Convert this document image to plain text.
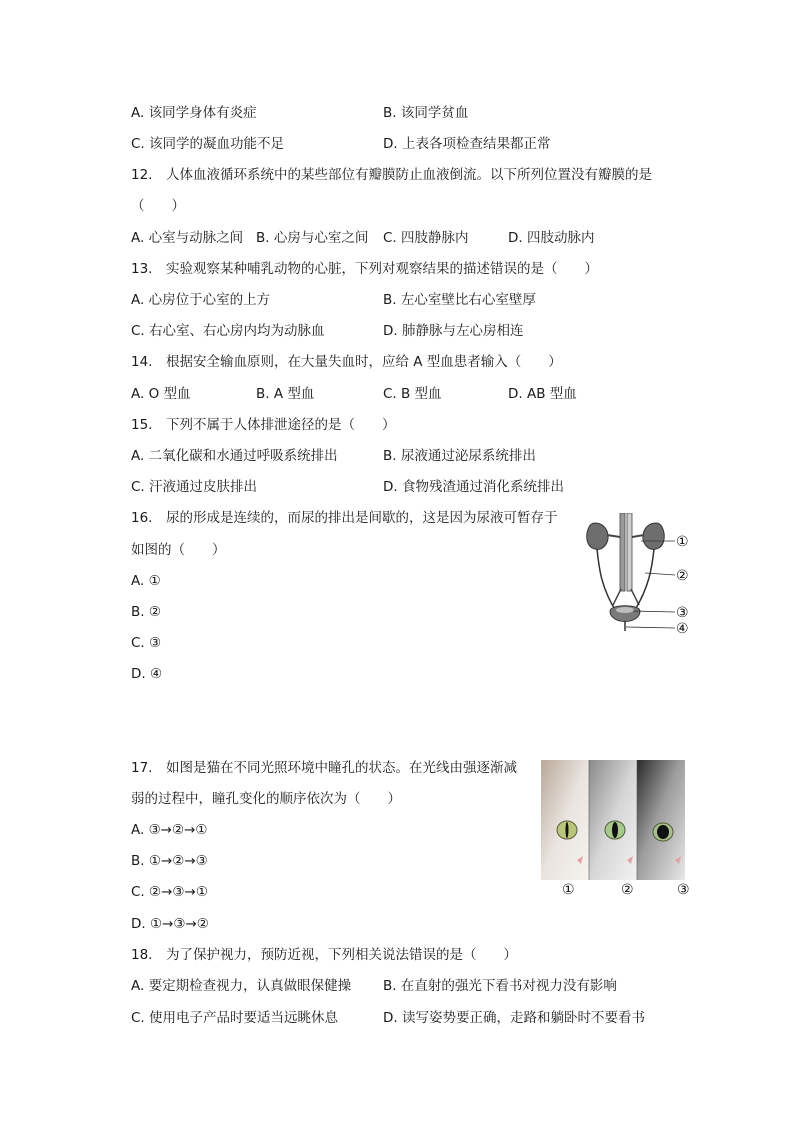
A. 该同学身体有炎症	B. 该同学贫血
C. 该同学的凝血功能不足	D. 上表各项检查结果都正常
12.　人体血液循环系统中的某些部位有瓣膜防止血液倒流。以下所列位置没有瓣膜的是
（　　）
A. 心室与动脉之间 B. 心房与心室之间 C. 四肢静脉内	D. 四肢动脉内
13.　实验观察某种哺乳动物的心脏，下列对观察结果的描述错误的是（　　）
A. 心房位于心室的上方	B. 左心室壁比右心室壁厚
C. 右心室、右心房内均为动脉血	D. 肺静脉与左心房相连
14.　根据安全输血原则，在大量失血时，应给 A 型血患者输入（　　）
A. O 型血	B. A 型血	C. B 型血	D. AB 型血
15.　下列不属于人体排泄途径的是（　　）
A. 二氧化碳和水通过呼吸系统排出	B. 尿液通过泌尿系统排出
C. 汗液通过皮肤排出	D. 食物残渣通过消化系统排出
16.　尿的形成是连续的，而尿的排出是间歇的，这是因为尿液可暂存于
如图的（　　）
A. ①
B. ②
C. ③
D. ④
①
②
③
④
17.　如图是猫在不同光照环境中瞳孔的状态。在光线由强逐渐减
弱的过程中，瞳孔变化的顺序依次为（　　）
A. ③→②→①
B. ①→②→③
C. ②→③→①
D. ①→③→②
①	②	③
18.　为了保护视力，预防近视，下列相关说法错误的是（　　）
A. 要定期检查视力，认真做眼保健操 B. 在直射的强光下看书对视力没有影响
C. 使用电子产品时要适当远眺休息	D. 读写姿势要正确，走路和躺卧时不要看书
